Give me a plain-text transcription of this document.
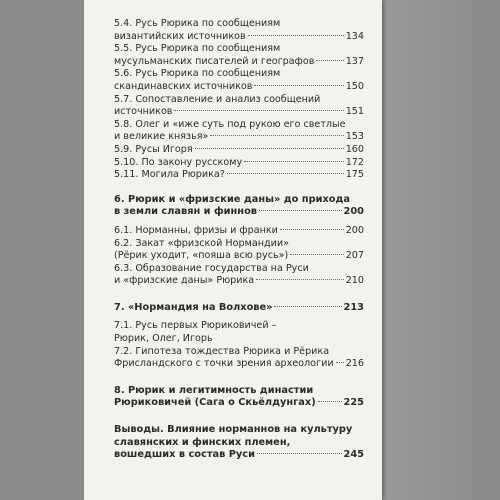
5.4. Русь Рюрика по сообщениям
византийских источников	134
5.5. Русь Рюрика по сообщениям
мусульманских писателей и географов	137
5.6. Русь Рюрика по сообщениям
скандинавских источников	150
5.7. Сопоставление и анализ сообщений
источников	151
5.8. Олег и «иже суть под рукою его светлые
и великие князья»	153
5.9. Русы Игоря	160
5.10. По закону русскому	172
5.11. Могила Рюрика?	175
6. Рюрик и «фризские даны» до прихода
в земли славян и финнов	200
6.1. Норманны, фризы и франки	200
6.2. Закат «фризской Нормандии»
(Рёрик уходит, «пояша всю русь»)	207
6.3. Образование государства на Руси
и «фризские даны» Рюрика	210
7. «Нормандия на Волхове»	213
7.1. Русь первых Рюриковичей –
Рюрик, Олег, Игорь
7.2. Гипотеза тождества Рюрика и Рёрика
Фрисландского с точки зрения археологии 216
8. Рюрик и легитимность династии
Рюриковичей (Сага о Скьёлдунгах)	225
Выводы. Влияние норманнов на культуру
славянских и финских племен,
вошедших в состав Руси	245
